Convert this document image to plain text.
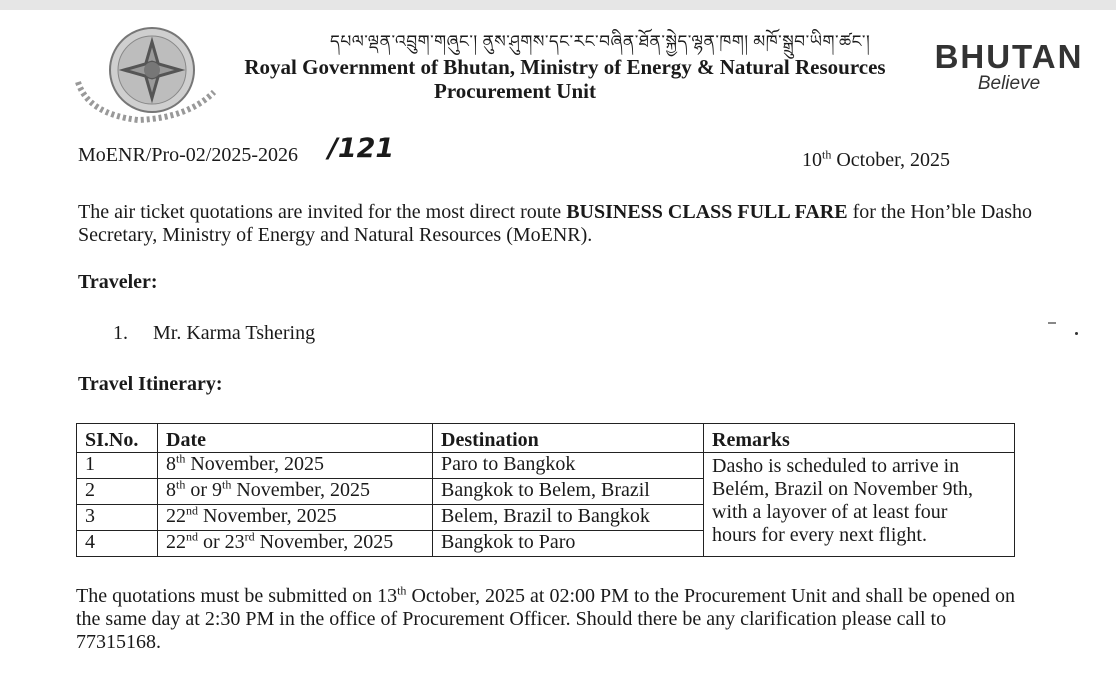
དཔལ་ལྡན་འབྲུག་གཞུང་། ནུས་ཤུགས་དང་རང་བཞིན་ཐོན་སྐྱེད་ལྷན་ཁག། མཁོ་སྒྲུབ་ཡིག་ཚང་།
Royal Government of Bhutan, Ministry of Energy & Natural Resources
Procurement Unit
BHUTAN
Believe
MoENR/Pro-02/2025-2026 /121	10th October, 2025
The air ticket quotations are invited for the most direct route BUSINESS CLASS FULL FARE for the Hon’ble Dasho Secretary, Ministry of Energy and Natural Resources (MoENR).
Traveler:
1. Mr. Karma Tshering
Travel Itinerary:
SI.No.	Date	Destination	Remarks
1	8th November, 2025	Paro to Bangkok	Dasho is scheduled to arrive in
Belém, Brazil on November 9th,
with a layover of at least four
hours for every next flight.

2	8th or 9th November, 2025	Bangkok to Belem, Brazil	
3	22nd November, 2025	Belem, Brazil to Bangkok	
4	22nd or 23rd November, 2025	Bangkok to Paro	
The quotations must be submitted on 13th October, 2025 at 02:00 PM to the Procurement Unit and shall be opened on the same day at 2:30 PM in the office of Procurement Officer. Should there be any clarification please call to 77315168.
